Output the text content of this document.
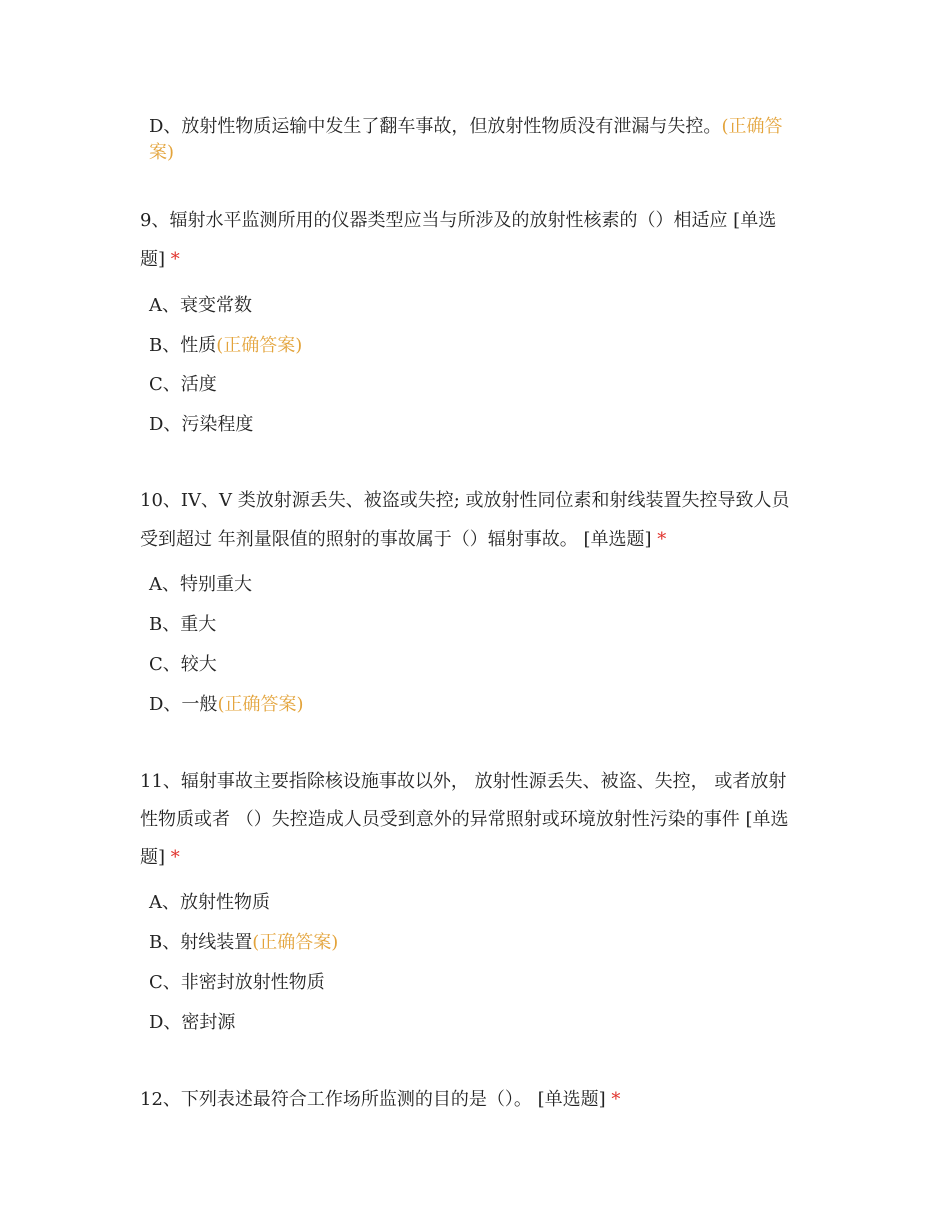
D、放射性物质运输中发生了翻车事故，但放射性物质没有泄漏与失控。(正确答
案)
9、辐射水平监测所用的仪器类型应当与所涉及的放射性核素的（）相适应 [单选
题] *
A、衰变常数
B、性质(正确答案)
C、活度
D、污染程度
10、IV、V 类放射源丢失、被盗或失控; 或放射性同位素和射线装置失控导致人员
受到超过 年剂量限值的照射的事故属于（）辐射事故。 [单选题] *
A、特别重大
B、重大
C、较大
D、一般(正确答案)
11、辐射事故主要指除核设施事故以外， 放射性源丢失、被盗、失控， 或者放射
性物质或者 （）失控造成人员受到意外的异常照射或环境放射性污染的事件 [单选
题] *
A、放射性物质
B、射线装置(正确答案)
C、非密封放射性物质
D、密封源
12、下列表述最符合工作场所监测的目的是（）。 [单选题] *
